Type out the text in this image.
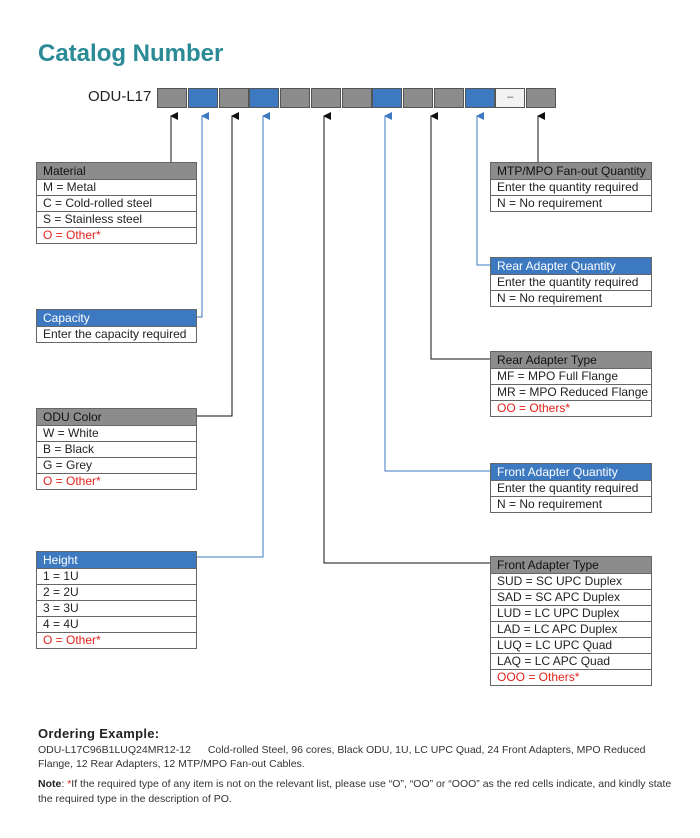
Catalog Number
ODU-L17	–
Material
M = Metal
C = Cold-rolled steel
S = Stainless steel
O = Other*
Capacity
Enter the capacity required
ODU Color
W = White
B = Black
G = Grey
O = Other*
Height
1 = 1U
2 = 2U
3 = 3U
4 = 4U
O = Other*
MTP/MPO Fan-out Quantity
Enter the quantity required
N = No requirement
Rear Adapter Quantity
Enter the quantity required
N = No requirement
Rear Adapter Type
MF = MPO Full Flange
MR = MPO Reduced Flange
OO = Others*
Front Adapter Quantity
Enter the quantity required
N = No requirement
Front Adapter Type
SUD = SC UPC Duplex
SAD = SC APC Duplex
LUD = LC UPC Duplex
LAD = LC APC Duplex
LUQ = LC UPC Quad
LAQ = LC APC Quad
OOO = Others*
Ordering Example:
ODU-L17C96B1LUQ24MR12-12 Cold-rolled Steel, 96 cores, Black ODU, 1U, LC UPC Quad, 24 Front Adapters, MPO Reduced Flange, 12 Rear Adapters, 12 MTP/MPO Fan-out Cables.
Note: *If the required type of any item is not on the relevant list, please use “O”, “OO” or “OOO” as the red cells indicate, and kindly state the required type in the description of PO.
